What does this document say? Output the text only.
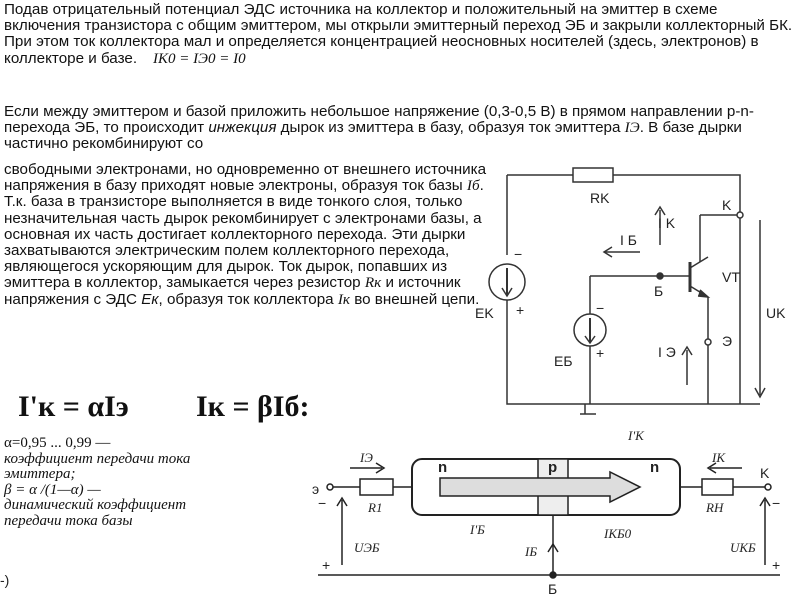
Подав отрицательный потенциал ЭДС источника на коллектор и положительный на эмиттер в схеме включения транзистора с общим эмиттером, мы открыли эмиттерный переход ЭБ и закрыли коллекторный БК. При этом ток коллектора мал и определяется концентрацией неосновных носителей (здесь, электронов) в коллекторе и базе. IK0 = IЭ0 = I0

Если между эмиттером и базой приложить небольшое напряжение (0,3-0,5 В) в прямом направлении p-n-перехода ЭБ, то происходит инжекция дырок из эмиттера в базу, образуя ток эмиттера IЭ. В базе дырки частично рекомбинируют со

свободными электронами, но одновременно от внешнего источника напряжения в базу приходят новые электроны, образуя ток базы Iб. Т.к. база в транзисторе выполняется в виде тонкого слоя, только незначительная часть дырок рекомбинирует с электронами базы, а основная их часть достигает коллекторного перехода. Эти дырки захватываются электрическим полем коллекторного перехода, являющегося ускоряющим для дырок. Ток дырок, попавших из эмиттера в коллектор, замыкается через резистор Rк и источник напряжения с ЭДС Ек, образуя ток коллектора Iк во внешней цепи.

I'к = αIэ Iк = βIб:
α=0,95 ... 0,99 —
коэффициент передачи тока эмиттера;
β = α /(1—α) —
динамический коэффициент передачи тока базы
RK
I K
K
I Б
VT
Б
EK +
−
−
+
EБ
I Э
Э
UK
э
IЭ
R1
n	p	n
I'K
IK
K
RH
I'Б	IKБ0
IБ
UЭБ	UKБ
Б
+
−	−
+
-)
